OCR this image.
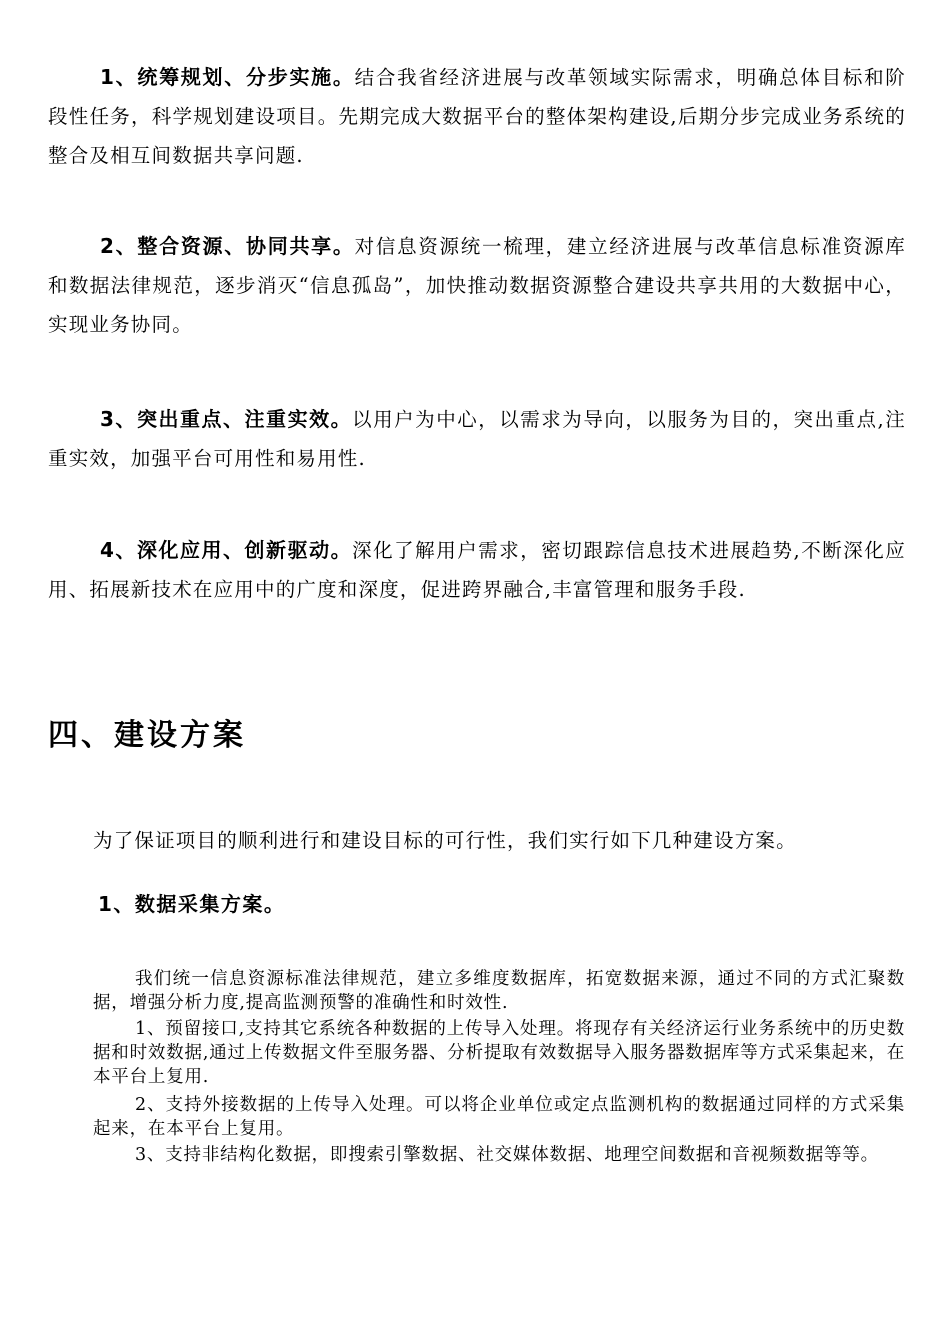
1、统筹规划、分步实施。结合我省经济进展与改革领域实际需求，明确总体目标和阶段性任务，科学规划建设项目。先期完成大数据平台的整体架构建设,后期分步完成业务系统的整合及相互间数据共享问题.

2、整合资源、协同共享。对信息资源统一梳理，建立经济进展与改革信息标准资源库和数据法律规范，逐步消灭“信息孤岛”，加快推动数据资源整合建设共享共用的大数据中心，实现业务协同。

3、突出重点、注重实效。以用户为中心，以需求为导向，以服务为目的，突出重点,注重实效，加强平台可用性和易用性.

4、深化应用、创新驱动。深化了解用户需求，密切跟踪信息技术进展趋势,不断深化应用、拓展新技术在应用中的广度和深度，促进跨界融合,丰富管理和服务手段.

四、建设方案
为了保证项目的顺利进行和建设目标的可行性，我们实行如下几种建设方案。
1、数据采集方案。

我们统一信息资源标准法律规范，建立多维度数据库，拓宽数据来源，通过不同的方式汇聚数据，增强分析力度,提高监测预警的准确性和时效性.

1、预留接口,支持其它系统各种数据的上传导入处理。将现存有关经济运行业务系统中的历史数据和时效数据,通过上传数据文件至服务器、分析提取有效数据导入服务器数据库等方式采集起来，在本平台上复用.

2、支持外接数据的上传导入处理。可以将企业单位或定点监测机构的数据通过同样的方式采集起来，在本平台上复用。

3、支持非结构化数据，即搜索引擎数据、社交媒体数据、地理空间数据和音视频数据等等。
